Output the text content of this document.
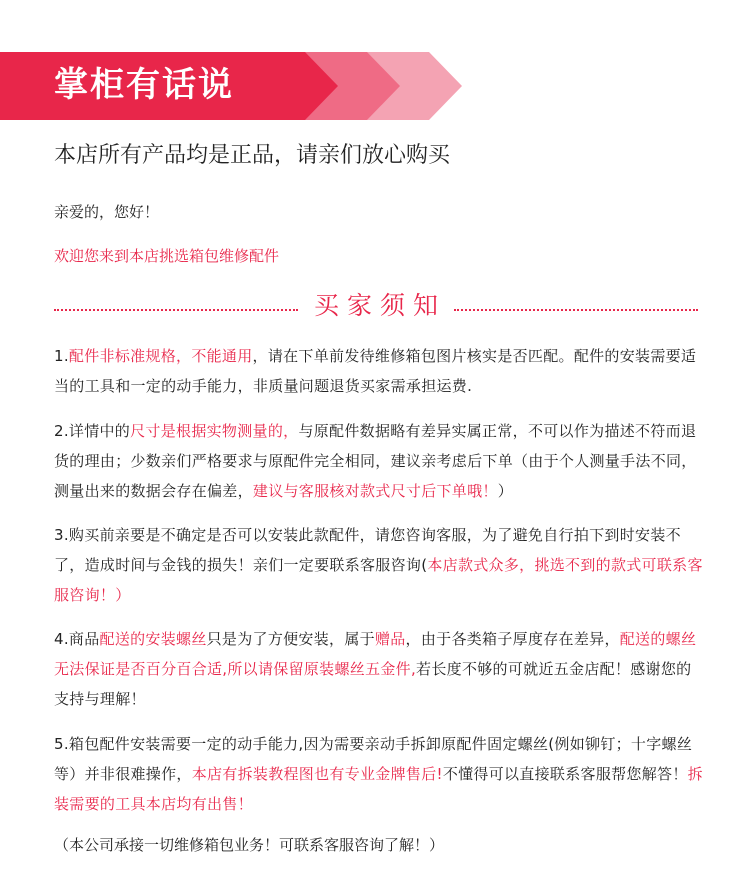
掌柜有话说
本店所有产品均是正品，请亲们放心购买
亲爱的，您好！
欢迎您来到本店挑选箱包维修配件
买家须知
1.配件非标准规格，不能通用，请在下单前发待维修箱包图片核实是否匹配。配件的安装需要适当的工具和一定的动手能力，非质量问题退货买家需承担运费.
2.详情中的尺寸是根据实物测量的，与原配件数据略有差异实属正常，不可以作为描述不符而退货的理由；少数亲们严格要求与原配件完全相同，建议亲考虑后下单（由于个人测量手法不同，测量出来的数据会存在偏差，建议与客服核对款式尺寸后下单哦！）
3.购买前亲要是不确定是否可以安装此款配件，请您咨询客服，为了避免自行拍下到时安装不了，造成时间与金钱的损失！亲们一定要联系客服咨询(本店款式众多，挑选不到的款式可联系客服咨询！）
4.商品配送的安装螺丝只是为了方便安装，属于赠品，由于各类箱子厚度存在差异，配送的螺丝无法保证是否百分百合适,所以请保留原装螺丝五金件,若长度不够的可就近五金店配！感谢您的支持与理解！
5.箱包配件安装需要一定的动手能力,因为需要亲动手拆卸原配件固定螺丝(例如铆钉；十字螺丝等）并非很难操作，本店有拆装教程图也有专业金牌售后!不懂得可以直接联系客服帮您解答！拆装需要的工具本店均有出售！
（本公司承接一切维修箱包业务！可联系客服咨询了解！）
